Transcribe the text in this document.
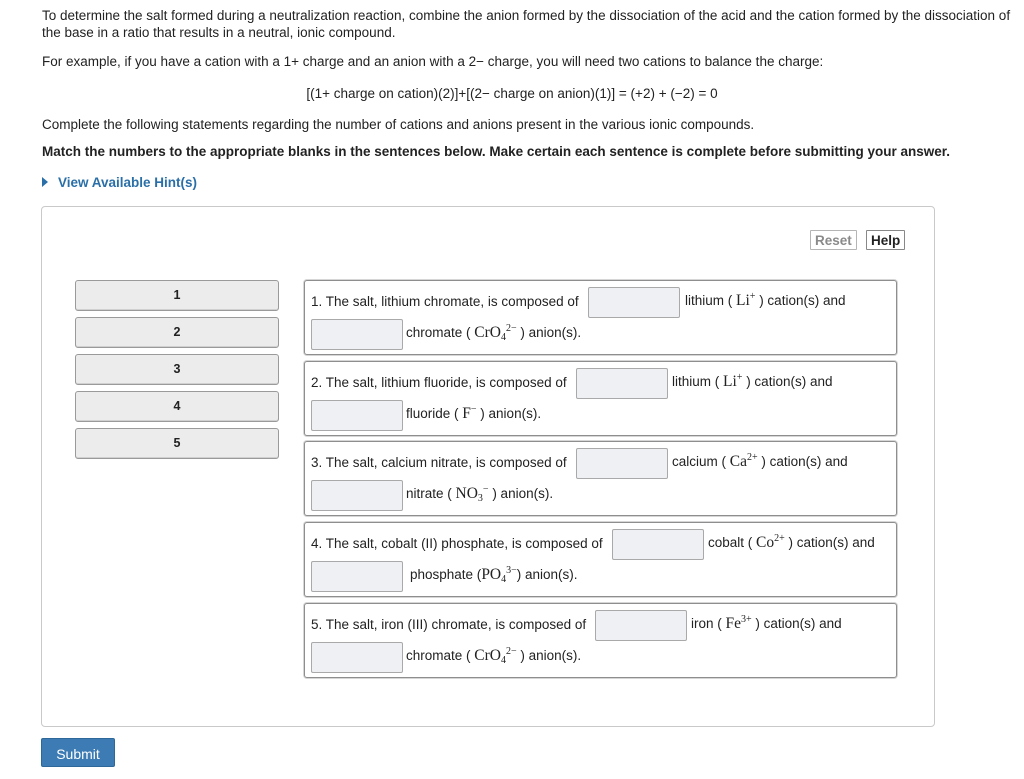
To determine the salt formed during a neutralization reaction, combine the anion formed by the dissociation of the acid and the cation formed by the dissociation of the base in a ratio that results in a neutral, ionic compound.
For example, if you have a cation with a 1+ charge and an anion with a 2− charge, you will need two cations to balance the charge:
[(1+ charge on cation)(2)]+[(2− charge on anion)(1)] = (+2) + (−2) = 0
Complete the following statements regarding the number of cations and anions present in the various ionic compounds.
Match the numbers to the appropriate blanks in the sentences below. Make certain each sentence is complete before submitting your answer.
View Available Hint(s)
Reset	Help
1
2
3
4
5
1. The salt, lithium chromate, is composed of	lithium ( Li+ ) cation(s) and
chromate ( $CrO4^{2-}$ ) anion(s).
2. The salt, lithium fluoride, is composed of	lithium ( Li+ ) cation(s) and
fluoride ( F− ) anion(s).
3. The salt, calcium nitrate, is composed of	calcium ( $Ca^{2+}$ ) cation(s) and
nitrate ( NO3− ) anion(s).
4. The salt, cobalt (II) phosphate, is composed of	cobalt ( $Co^{2+}$ ) cation(s) and
phosphate $(PO4^{3-})$ anion(s).
5. The salt, iron (III) chromate, is composed of	iron ( $Fe^{3+}$ ) cation(s) and
chromate ( $CrO4^{2-}$ ) anion(s).
Submit
